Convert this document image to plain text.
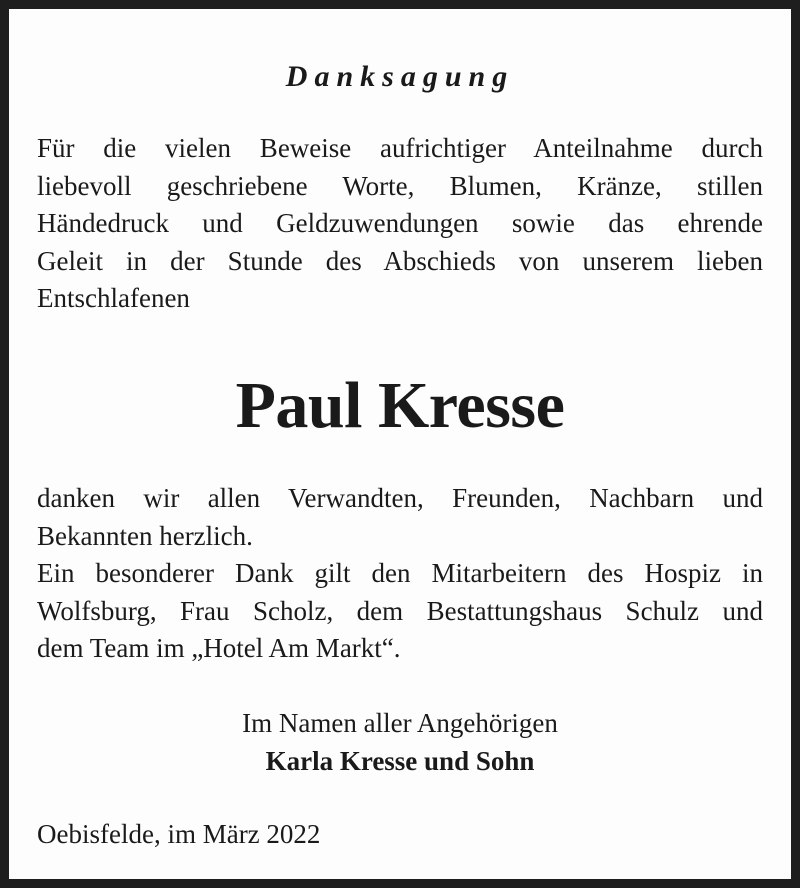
Danksagung
Für die vielen Beweise aufrichtiger Anteilnahme durch
liebevoll geschriebene Worte, Blumen, Kränze, stillen
Händedruck und Geldzuwendungen sowie das ehrende
Geleit in der Stunde des Abschieds von unserem lieben
Entschlafenen
Paul Kresse
danken wir allen Verwandten, Freunden, Nachbarn und
Bekannten herzlich.
Ein besonderer Dank gilt den Mitarbeitern des Hospiz in
Wolfsburg, Frau Scholz, dem Bestattungshaus Schulz und
dem Team im „Hotel Am Markt“.
Im Namen aller Angehörigen
Karla Kresse und Sohn
Oebisfelde, im März 2022
